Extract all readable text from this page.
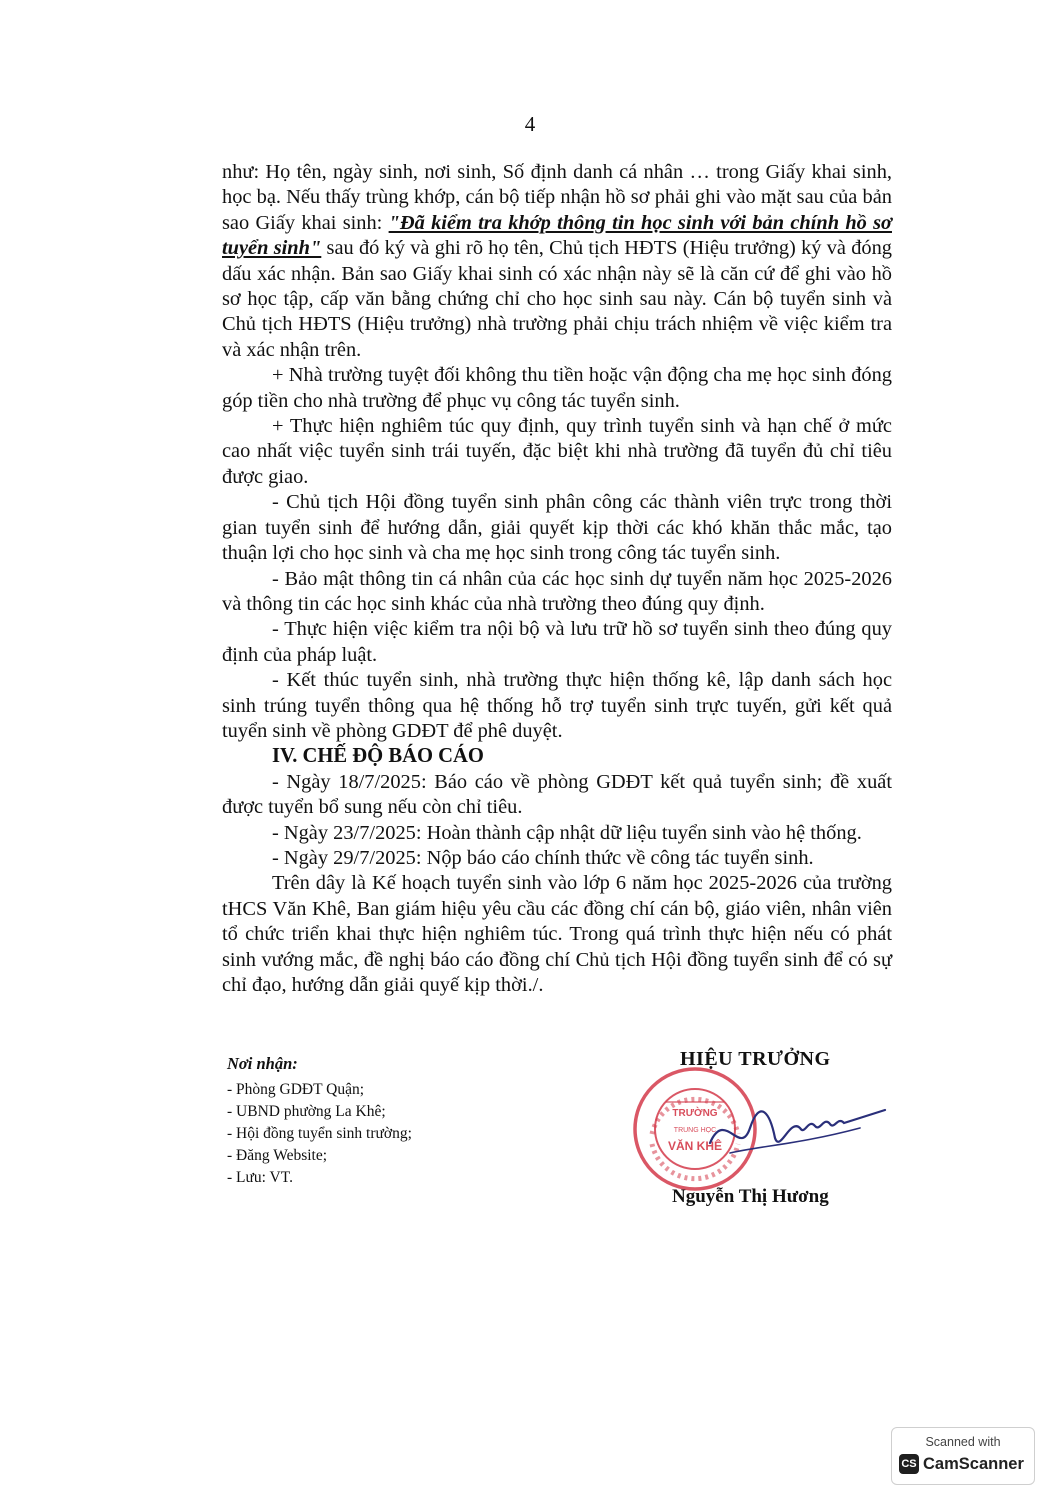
4

như: Họ tên, ngày sinh, nơi sinh, Số định danh cá nhân … trong Giấy khai sinh, học bạ. Nếu thấy trùng khớp, cán bộ tiếp nhận hồ sơ phải ghi vào mặt sau của bản sao Giấy khai sinh: "Đã kiểm tra khớp thông tin học sinh với bản chính hồ sơ tuyển sinh" sau đó ký và ghi rõ họ tên, Chủ tịch HĐTS (Hiệu trưởng) ký và đóng dấu xác nhận. Bản sao Giấy khai sinh có xác nhận này sẽ là căn cứ để ghi vào hồ sơ học tập, cấp văn bằng chứng chỉ cho học sinh sau này. Cán bộ tuyển sinh và Chủ tịch HĐTS (Hiệu trưởng) nhà trường phải chịu trách nhiệm về việc kiểm tra và xác nhận trên.

+ Nhà trường tuyệt đối không thu tiền hoặc vận động cha mẹ học sinh đóng góp tiền cho nhà trường để phục vụ công tác tuyển sinh.

+ Thực hiện nghiêm túc quy định, quy trình tuyển sinh và hạn chế ở mức cao nhất việc tuyển sinh trái tuyến, đặc biệt khi nhà trường đã tuyển đủ chỉ tiêu được giao.

- Chủ tịch Hội đồng tuyển sinh phân công các thành viên trực trong thời gian tuyển sinh để hướng dẫn, giải quyết kịp thời các khó khăn thắc mắc, tạo thuận lợi cho học sinh và cha mẹ học sinh trong công tác tuyển sinh.

- Bảo mật thông tin cá nhân của các học sinh dự tuyển năm học 2025-2026 và thông tin các học sinh khác của nhà trường theo đúng quy định.

- Thực hiện việc kiểm tra nội bộ và lưu trữ hồ sơ tuyển sinh theo đúng quy định của pháp luật.

- Kết thúc tuyển sinh, nhà trường thực hiện thống kê, lập danh sách học sinh trúng tuyển thông qua hệ thống hỗ trợ tuyển sinh trực tuyến, gửi kết quả tuyển sinh về phòng GDĐT để phê duyệt.

IV. CHẾ ĐỘ BÁO CÁO

- Ngày 18/7/2025: Báo cáo về phòng GDĐT kết quả tuyển sinh; đề xuất được tuyển bổ sung nếu còn chỉ tiêu.

- Ngày 23/7/2025: Hoàn thành cập nhật dữ liệu tuyển sinh vào hệ thống.

- Ngày 29/7/2025: Nộp báo cáo chính thức về công tác tuyển sinh.

Trên dây là Kế hoạch tuyển sinh vào lớp 6 năm học 2025-2026 của trường tHCS Văn Khê, Ban giám hiệu yêu cầu các đồng chí cán bộ, giáo viên, nhân viên tổ chức triển khai thực hiện nghiêm túc. Trong quá trình thực hiện nếu có phát sinh vướng mắc, đề nghị báo cáo đồng chí Chủ tịch Hội đồng tuyển sinh để có sự chỉ đạo, hướng dẫn giải quyế kịp thời./.

Nơi nhận:
- Phòng GDĐT Quận;
- UBND phường La Khê;
- Hội đồng tuyển sinh trường;
- Đăng Website;
- Lưu: VT.
TRƯỜNG
TRUNG HỌC
VĂN KHÊ
HIỆU TRƯỞNG
Nguyễn Thị Hương
Scanned with
CS CamScanner
